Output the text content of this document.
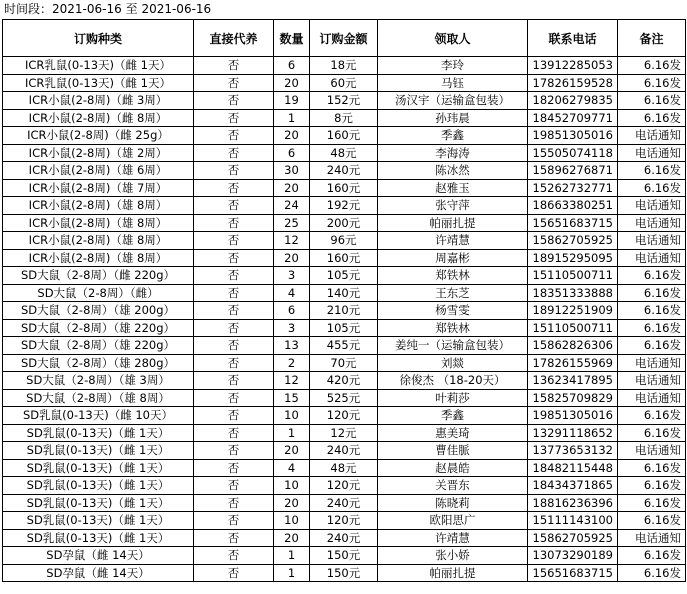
时间段：2021-06-16 至 2021-06-16
订购种类	直接代养	数量	订购金额	领取人	联系电话	备注
ICR乳鼠(0-13天)（雌 1天）	否	6	18元	李玲	13912285053	6.16发
ICR乳鼠(0-13天)（雌 1天）	否	20	60元	马钰	17826159528	6.16发
ICR小鼠(2-8周)（雌 3周）	否	19	152元	汤汉宇（运输盒包装）	18206279835	6.16发
ICR小鼠(2-8周)（雌 8周）	否	1	8元	孙玮晨	18452709771	6.16发
ICR小鼠(2-8周)（雌 25g）	否	20	160元	季鑫	19851305016	电话通知
ICR小鼠(2-8周)（雄 2周）	否	6	48元	李海涛	15505074118	电话通知
ICR小鼠(2-8周)（雄 6周）	否	30	240元	陈冰然	15896276871	6.16发
ICR小鼠(2-8周)（雄 7周）	否	20	160元	赵雅玉	15262732771	6.16发
ICR小鼠(2-8周)（雄 8周）	否	24	192元	张守萍	18663380251	电话通知
ICR小鼠(2-8周)（雄 8周）	否	25	200元	帕丽扎提	15651683715	电话通知
ICR小鼠(2-8周)（雄 8周）	否	12	96元	许靖慧	15862705925	电话通知
ICR小鼠(2-8周)（雄 8周）	否	20	160元	周嘉彬	18915295095	电话通知
SD大鼠（2-8周）（雌 220g）	否	3	105元	郑铁林	15110500711	6.16发
SD大鼠（2-8周）（雌）	否	4	140元	王东芝	18351333888	6.16发
SD大鼠（2-8周）（雄 200g）	否	6	210元	杨雪雯	18912251909	6.16发
SD大鼠（2-8周）（雄 220g）	否	3	105元	郑铁林	15110500711	6.16发
SD大鼠（2-8周）（雄 220g）	否	13	455元	姜纯一（运输盒包装）	15862826306	6.16发
SD大鼠（2-8周）（雄 280g）	否	2	70元	刘燚	17826155969	电话通知
SD大鼠（2-8周）（雄 3周）	否	12	420元	徐俊杰 （18-20天）	13623417895	电话通知
SD大鼠（2-8周）（雄 8周）	否	15	525元	叶莉莎	15825709829	电话通知
SD乳鼠(0-13天)（雌 10天）	否	10	120元	季鑫	19851305016	6.16发
SD乳鼠(0-13天)（雌 1天）	否	1	12元	惠美琦	13291118652	6.16发
SD乳鼠(0-13天)（雌 1天）	否	20	240元	曹佳脈	13773653132	电话通知
SD乳鼠(0-13天)（雌 1天）	否	4	48元	赵晨皓	18482115448	6.16发
SD乳鼠(0-13天)（雌 1天）	否	10	120元	关晋东	18434371865	6.16发
SD乳鼠(0-13天)（雌 1天）	否	20	240元	陈晓莉	18816236396	6.16发
SD乳鼠(0-13天)（雌 1天）	否	10	120元	欧阳思广	15111143100	6.16发
SD乳鼠(0-13天)（雌 1天）	否	20	240元	许靖慧	15862705925	电话通知
SD孕鼠（雌 14天）	否	1	150元	张小娇	13073290189	6.16发
SD孕鼠（雌 14天）	否	1	150元	帕丽扎提	15651683715	6.16发
